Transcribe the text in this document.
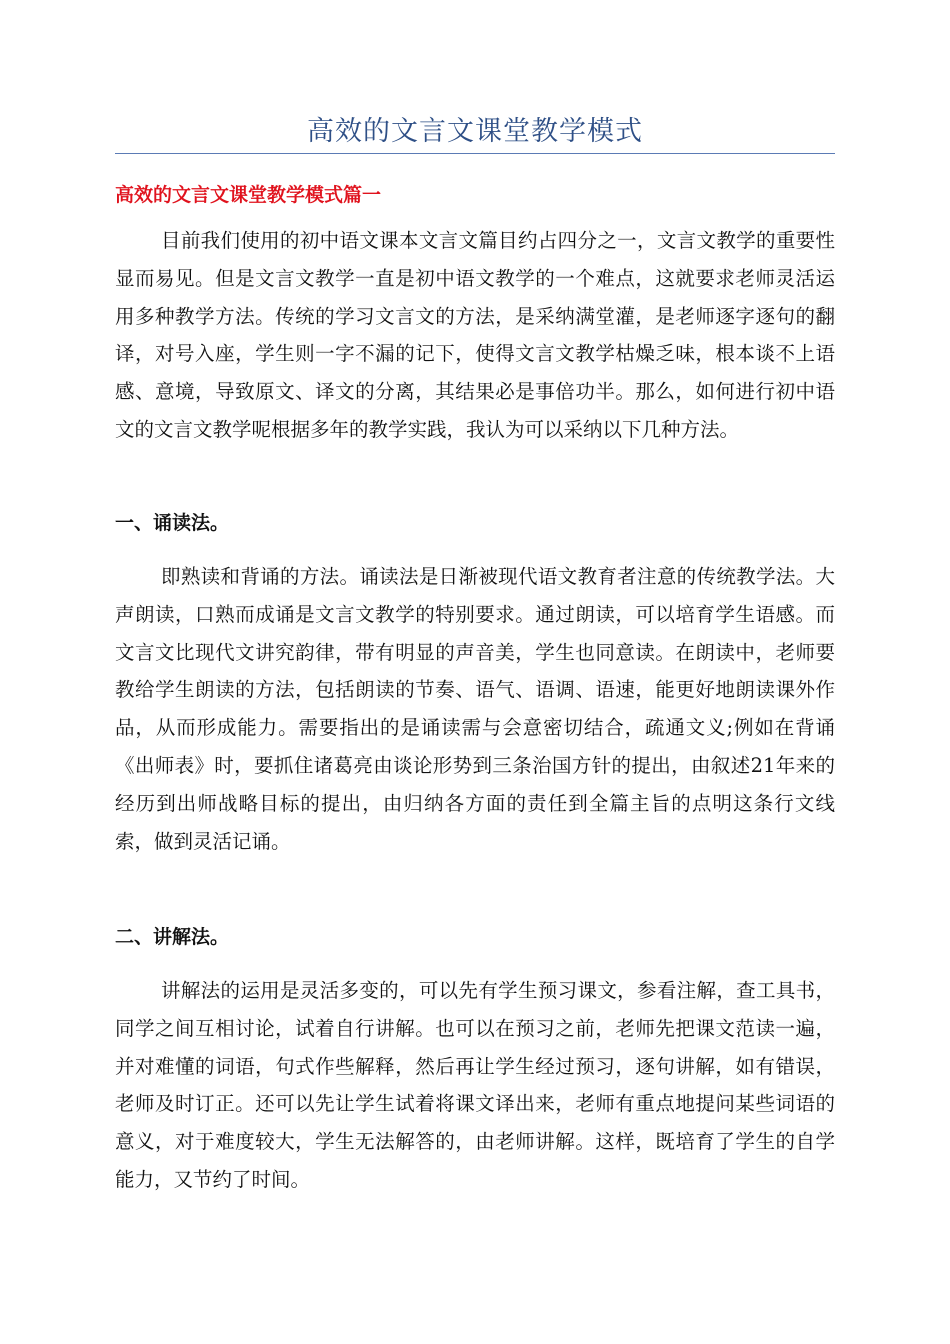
高效的文言文课堂教学模式
高效的文言文课堂教学模式篇一

目前我们使用的初中语文课本文言文篇目约占四分之一，文言文教学的重要性显而易见。但是文言文教学一直是初中语文教学的一个难点，这就要求老师灵活运用多种教学方法。传统的学习文言文的方法，是采纳满堂灌，是老师逐字逐句的翻译，对号入座，学生则一字不漏的记下，使得文言文教学枯燥乏味，根本谈不上语感、意境，导致原文、译文的分离，其结果必是事倍功半。那么，如何进行初中语文的文言文教学呢根据多年的教学实践，我认为可以采纳以下几种方法。

一、诵读法。

即熟读和背诵的方法。诵读法是日渐被现代语文教育者注意的传统教学法。大声朗读，口熟而成诵是文言文教学的特别要求。通过朗读，可以培育学生语感。而文言文比现代文讲究韵律，带有明显的声音美，学生也同意读。在朗读中，老师要教给学生朗读的方法，包括朗读的节奏、语气、语调、语速，能更好地朗读课外作品，从而形成能力。需要指出的是诵读需与会意密切结合，疏通文义;例如在背诵《出师表》时，要抓住诸葛亮由谈论形势到三条治国方针的提出，由叙述21年来的经历到出师战略目标的提出，由归纳各方面的责任到全篇主旨的点明这条行文线索，做到灵活记诵。

二、讲解法。

讲解法的运用是灵活多变的，可以先有学生预习课文，参看注解，查工具书，同学之间互相讨论，试着自行讲解。也可以在预习之前，老师先把课文范读一遍，并对难懂的词语，句式作些解释，然后再让学生经过预习，逐句讲解，如有错误，老师及时订正。还可以先让学生试着将课文译出来，老师有重点地提问某些词语的意义，对于难度较大，学生无法解答的，由老师讲解。这样，既培育了学生的自学能力，又节约了时间。
